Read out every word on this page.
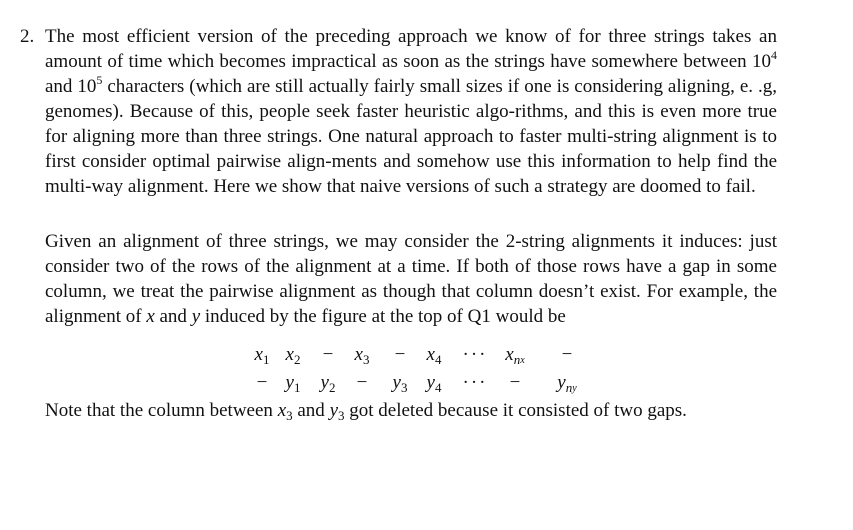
2. The most efficient version of the preceding approach we know of for three strings takes an amount of time which becomes impractical as soon as the strings have somewhere between $10^4$ and $10^5$ characters (which are still actually fairly small sizes if one is considering aligning, e. .g, genomes). Because of this, people seek faster heuristic algo-rithms, and this is even more true for aligning more than three strings. One natural approach to faster multi-string alignment is to first consider optimal pairwise align-ments and somehow use this information to help find the multi-way alignment. Here we show that naive versions of such a strategy are doomed to fail.

Given an alignment of three strings, we may consider the 2-string alignments it induces: just consider two of the rows of the alignment at a time. If both of those rows have a gap in some column, we treat the pairwise alignment as though that column doesn’t exist. For example, the alignment of x and y induced by the figure at the top of Q1 would be

$x_1$ $x_2 - x_3 - x_4$ ··· $x_nx$ −
− $y_1$ $y_2 - y_3$ $y_4$ ··· − $y_ny$

Note that the column between $x_3$ and $y_3$ got deleted because it consisted of two gaps.
